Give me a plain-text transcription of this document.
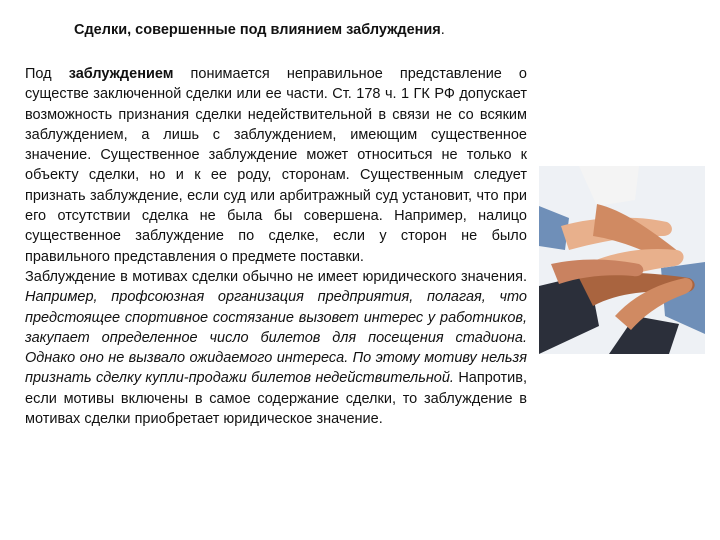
Сделки, совершенные под влиянием заблуждения.

Под заблуждением понимается неправильное представление о существе заключенной сделки или ее части. Ст. 178 ч. 1 ГК РФ допускает возможность признания сделки недействительной в связи не со всяким заблуждением, а лишь с заблуждением, имеющим существенное значение. Существенное заблуждение может относиться не только к объекту сделки, но и к ее роду, сторонам. Существенным следует признать заблуждение, если суд или арбитражный суд установит, что при его отсутствии сделка не была бы совершена. Например, налицо существенное заблуждение по сделке, если у сторон не было правильного представления о предмете поставки.

Заблуждение в мотивах сделки обычно не имеет юридического значения. Например, профсоюзная организация предприятия, полагая, что предстоящее спортивное состязание вызовет интерес у работников, закупает определенное число билетов для посещения стадиона. Однако оно не вызвало ожидаемого интереса. По этому мотиву нельзя признать сделку купли-продажи билетов недействительной. Напротив, если мотивы включены в самое содержание сделки, то заблуждение в мотивах сделки приобретает юридическое значение.
